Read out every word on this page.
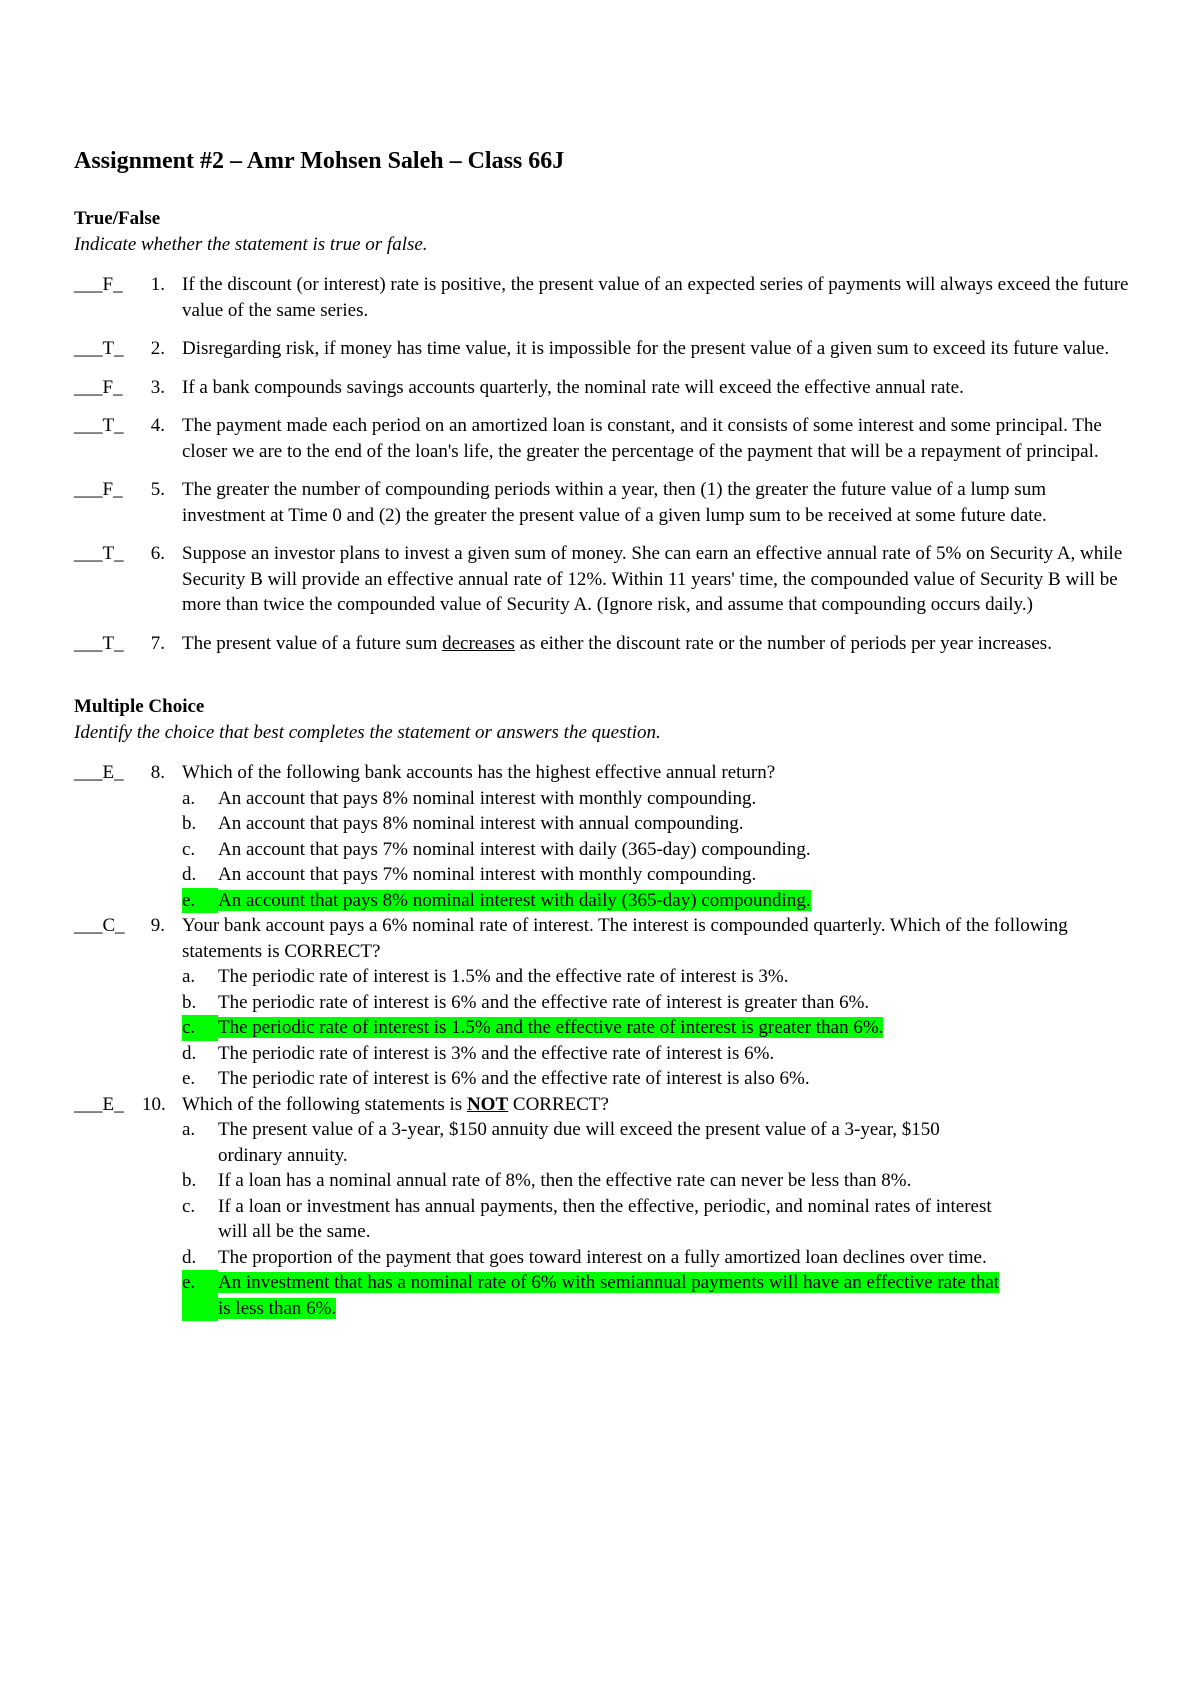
Assignment #2 – Amr Mohsen Saleh – Class 66J
True/False
Indicate whether the statement is true or false.
___F_	1. If the discount (or interest) rate is positive, the present value of an expected series of payments will always exceed the future value of the same series.
___T_	2. Disregarding risk, if money has time value, it is impossible for the present value of a given sum to exceed its future value.
___F_	3. If a bank compounds savings accounts quarterly, the nominal rate will exceed the effective annual rate.
___T_	4. The payment made each period on an amortized loan is constant, and it consists of some interest and some principal. The closer we are to the end of the loan's life, the greater the percentage of the payment that will be a repayment of principal.
___F_	5. The greater the number of compounding periods within a year, then (1) the greater the future value of a lump sum investment at Time 0 and (2) the greater the present value of a given lump sum to be received at some future date.
___T_	6. Suppose an investor plans to invest a given sum of money. She can earn an effective annual rate of 5% on Security A, while Security B will provide an effective annual rate of 12%. Within 11 years' time, the compounded value of Security B will be more than twice the compounded value of Security A. (Ignore risk, and assume that compounding occurs daily.)
___T_	7. The present value of a future sum decreases as either the discount rate or the number of periods per year increases.
Multiple Choice
Identify the choice that best completes the statement or answers the question.
___E_	8. Which of the following bank accounts has the highest effective annual return?
a.	An account that pays 8% nominal interest with monthly compounding.
b.	An account that pays 8% nominal interest with annual compounding.
c.	An account that pays 7% nominal interest with daily (365-day) compounding.
d.	An account that pays 7% nominal interest with monthly compounding.
e.	An account that pays 8% nominal interest with daily (365-day) compounding.
___C_	9. Your bank account pays a 6% nominal rate of interest. The interest is compounded quarterly. Which of the following statements is CORRECT?
a.	The periodic rate of interest is 1.5% and the effective rate of interest is 3%.
b.	The periodic rate of interest is 6% and the effective rate of interest is greater than 6%.
c.	The periodic rate of interest is 1.5% and the effective rate of interest is greater than 6%.
d.	The periodic rate of interest is 3% and the effective rate of interest is 6%.
e.	The periodic rate of interest is 6% and the effective rate of interest is also 6%.
___E_ 10. Which of the following statements is NOT CORRECT?
a.	The present value of a 3-year, $150 annuity due will exceed the present value of a 3-year, $150 ordinary annuity.
b.	If a loan has a nominal annual rate of 8%, then the effective rate can never be less than 8%.
c.	If a loan or investment has annual payments, then the effective, periodic, and nominal rates of interest will all be the same.
d.	The proportion of the payment that goes toward interest on a fully amortized loan declines over time.
e.	An investment that has a nominal rate of 6% with semiannual payments will have an effective rate that is less than 6%.
